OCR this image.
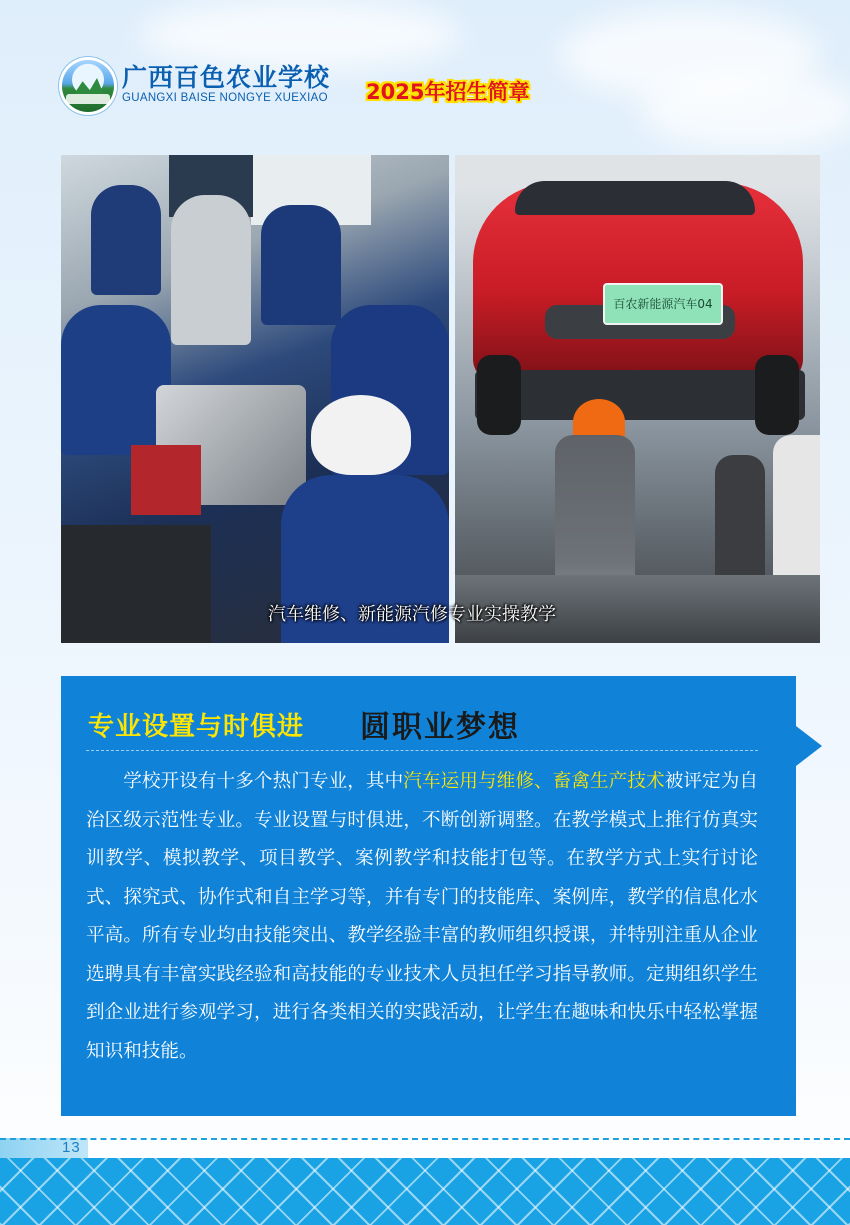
广西百色农业学校
GUANGXI BAISE NONGYE XUEXIAO 2025年招生简章
百农新能源汽车04
汽车维修、新能源汽修专业实操教学
专业设置与时俱进 圆职业梦想
学校开设有十多个热门专业，其中汽车运用与维修、畜禽生产技术被评定为自治区级示范性专业。专业设置与时俱进，不断创新调整。在教学模式上推行仿真实训教学、模拟教学、项目教学、案例教学和技能打包等。在教学方式上实行讨论式、探究式、协作式和自主学习等，并有专门的技能库、案例库，教学的信息化水平高。所有专业均由技能突出、教学经验丰富的教师组织授课，并特别注重从企业选聘具有丰富实践经验和高技能的专业技术人员担任学习指导教师。定期组织学生到企业进行参观学习，进行各类相关的实践活动，让学生在趣味和快乐中轻松掌握知识和技能。
13
